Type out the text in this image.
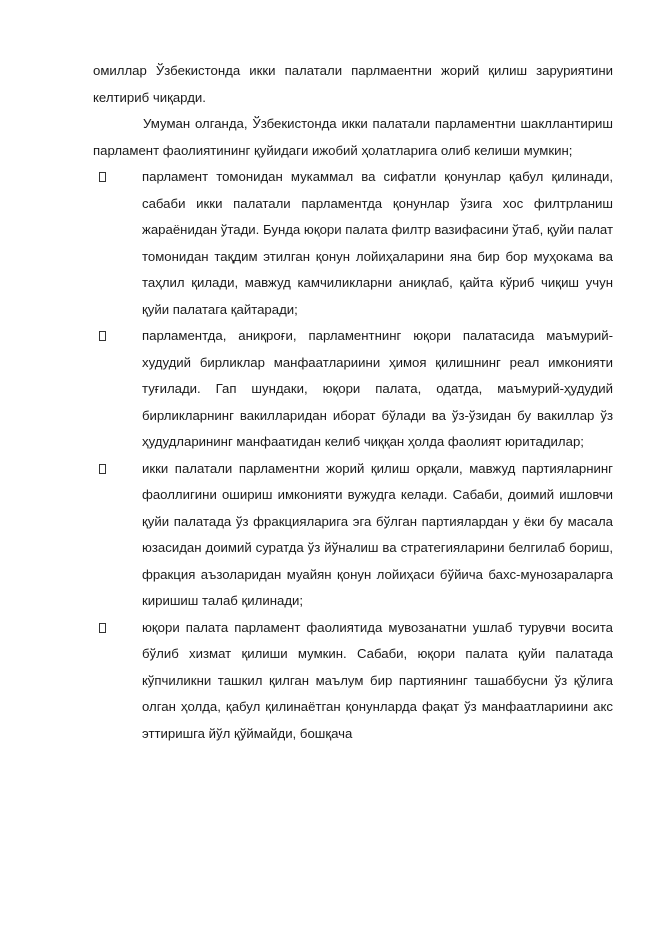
омиллар Ўзбекистонда икки палатали парлмаентни жорий қилиш заруриятини келтириб чиқарди.

Умуман олганда, Ўзбекистонда икки палатали парламентни шакллантириш парламент фаолиятининг қуйидаги ижобий ҳолатларига олиб келиши мумкин;

парламент томонидан мукаммал ва сифатли қонунлар қабул қилинади, сабаби икки палатали парламентда қонунлар ўзига хос филтрланиш жараёнидан ўтади. Бунда юқори палата филтр вазифасини ўтаб, қуйи палат томонидан тақдим этилган қонун лойиҳаларини яна бир бор муҳокама ва таҳлил қилади, мавжуд камчиликларни аниқлаб, қайта кўриб чиқиш учун қуйи палатага қайтаради;
парламентда, аниқроғи, парламентнинг юқори палатасида маъмурий-худудий бирликлар манфаатлариини ҳимоя қилишнинг реал имконияти туғилади. Гап шундаки, юқори палата, одатда, маъмурий-ҳудудий бирликларнинг вакилларидан иборат бўлади ва ўз-ўзидан бу вакиллар ўз ҳудудларининг манфаатидан келиб чиққан ҳолда фаолият юритадилар;
икки палатали парламентни жорий қилиш орқали, мавжуд партияларнинг фаоллигини ошириш имконияти вужудга келади. Сабаби, доимий ишловчи қуйи палатада ўз фракцияларига эга бўлган партиялардан у ёки бу масала юзасидан доимий суратда ўз йўналиш ва стратегияларини белгилаб бориш, фракция аъзоларидан муайян қонун лойиҳаси бўйича бахс-мунозараларга киришиш талаб қилинади;
юқори палата парламент фаолиятида мувозанатни ушлаб турувчи восита бўлиб хизмат қилиши мумкин. Сабаби, юқори палата қуйи палатада кўпчиликни ташкил қилган маълум бир партиянинг ташаббусни ўз қўлига олган ҳолда, қабул қилинаётган қонунларда фақат ўз манфаатлариини акс эттиришга йўл қўймайди, бошқача
